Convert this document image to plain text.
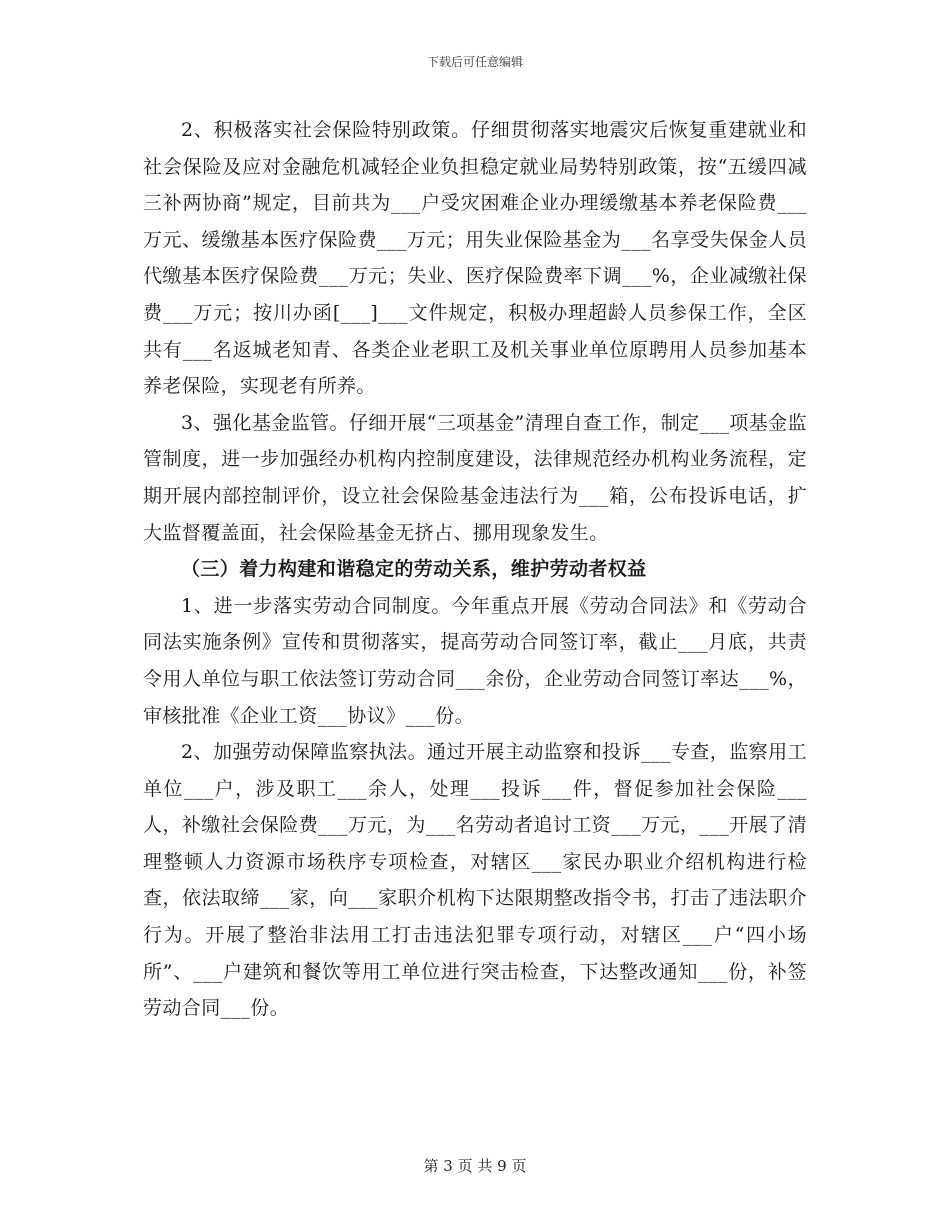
下载后可任意编辑

2、积极落实社会保险特别政策。仔细贯彻落实地震灾后恢复重建就业和社会保险及应对金融危机减轻企业负担稳定就业局势特别政策，按“五缓四减三补两协商”规定，目前共为___户受灾困难企业办理缓缴基本养老保险费___万元、缓缴基本医疗保险费___万元；用失业保险基金为___名享受失保金人员代缴基本医疗保险费___万元；失业、医疗保险费率下调___%，企业减缴社保费___万元；按川办函[___]___文件规定，积极办理超龄人员参保工作，全区共有___名返城老知青、各类企业老职工及机关事业单位原聘用人员参加基本养老保险，实现老有所养。

3、强化基金监管。仔细开展“三项基金”清理自查工作，制定___项基金监管制度，进一步加强经办机构内控制度建设，法律规范经办机构业务流程，定期开展内部控制评价，设立社会保险基金违法行为___箱，公布投诉电话，扩大监督覆盖面，社会保险基金无挤占、挪用现象发生。

（三）着力构建和谐稳定的劳动关系，维护劳动者权益

1、进一步落实劳动合同制度。今年重点开展《劳动合同法》和《劳动合同法实施条例》宣传和贯彻落实，提高劳动合同签订率，截止___月底，共责令用人单位与职工依法签订劳动合同___余份，企业劳动合同签订率达___%，审核批准《企业工资___协议》___份。

2、加强劳动保障监察执法。通过开展主动监察和投诉___专查，监察用工单位___户，涉及职工___余人，处理___投诉___件，督促参加社会保险___人，补缴社会保险费___万元，为___名劳动者追讨工资___万元，___开展了清理整顿人力资源市场秩序专项检查，对辖区___家民办职业介绍机构进行检查，依法取缔___家，向___家职介机构下达限期整改指令书，打击了违法职介行为。开展了整治非法用工打击违法犯罪专项行动，对辖区___户“四小场所”、___户建筑和餐饮等用工单位进行突击检查，下达整改通知___份，补签劳动合同___份。

第 3 页 共 9 页
